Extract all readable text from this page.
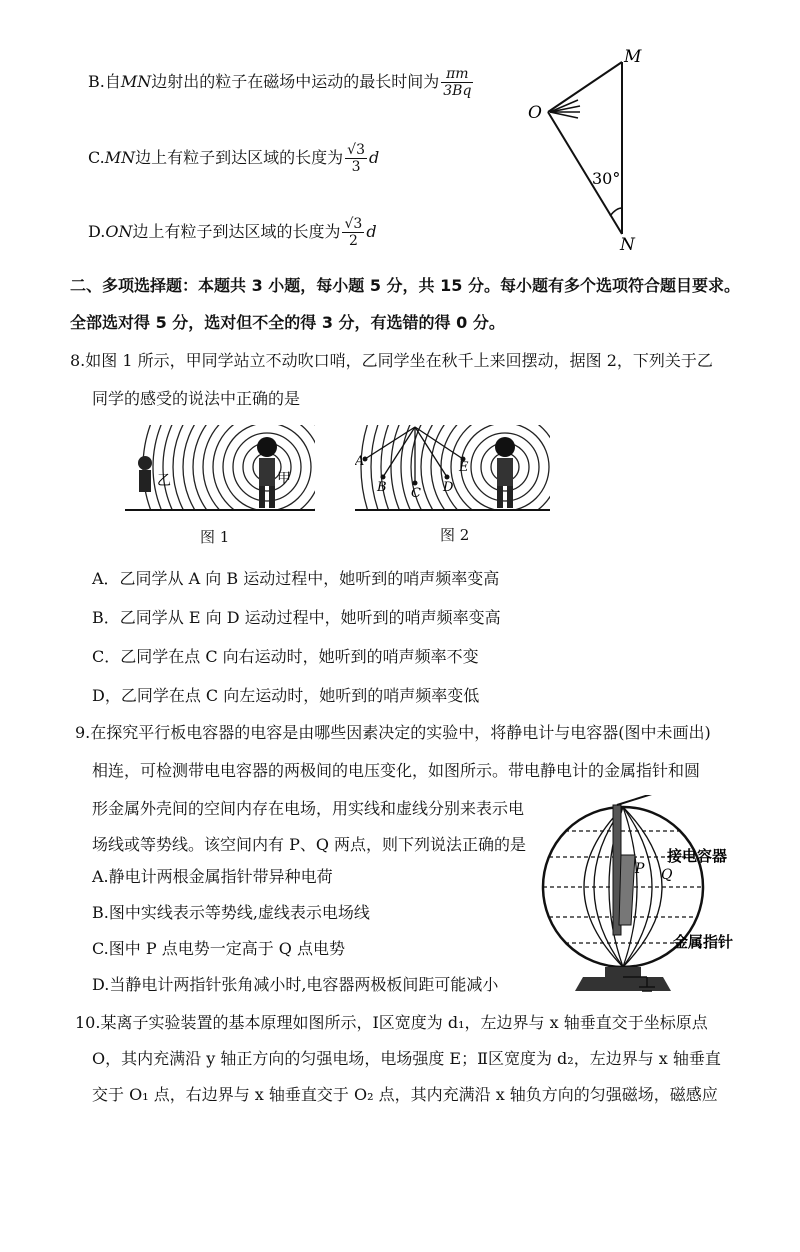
B.自MN边射出的粒子在磁场中运动的最长时间为 $\frac{\pi m}{3Bq}$
C.MN边上有粒子到达区域的长度为 $\frac{√3}{3}$ d
D.ON边上有粒子到达区域的长度为 $\frac{√3}{2}$ d
M
O
N
30°
二、多项选择题：本题共 3 小题，每小题 5 分，共 15 分。每小题有多个选项符合题目要求。
全部选对得 5 分，选对但不全的得 3 分，有选错的得 0 分。
8.如图 1 所示，甲同学站立不动吹口哨，乙同学坐在秋千上来回摆动，据图 2，下列关于乙
同学的感受的说法中正确的是
乙	甲
图 1
A
B C D
E
图 2
A．乙同学从 A 向 B 运动过程中，她听到的哨声频率变高
B．乙同学从 E 向 D 运动过程中，她听到的哨声频率变高
C．乙同学在点 C 向右运动时，她听到的哨声频率不变
D，乙同学在点 C 向左运动时，她听到的哨声频率变低
9.在探究平行板电容器的电容是由哪些因素决定的实验中，将静电计与电容器(图中未画出)
相连，可检测带电电容器的两极间的电压变化，如图所示。带电静电计的金属指针和圆
形金属外壳间的空间内存在电场，用实线和虚线分别来表示电
场线或等势线。该空间内有 P、Q 两点，则下列说法正确的是
A.静电计两根金属指针带异种电荷
B.图中实线表示等势线,虚线表示电场线
C.图中 P 点电势一定高于 Q 点电势
D.当静电计两指针张角减小时,电容器两极板间距可能减小
P Q
接电容器
金属指针
10.某离子实验装置的基本原理如图所示，Ⅰ区宽度为 d₁，左边界与 x 轴垂直交于坐标原点
O，其内充满沿 y 轴正方向的匀强电场，电场强度 E；Ⅱ区宽度为 d₂，左边界与 x 轴垂直
交于 O₁ 点，右边界与 x 轴垂直交于 O₂ 点，其内充满沿 x 轴负方向的匀强磁场，磁感应
